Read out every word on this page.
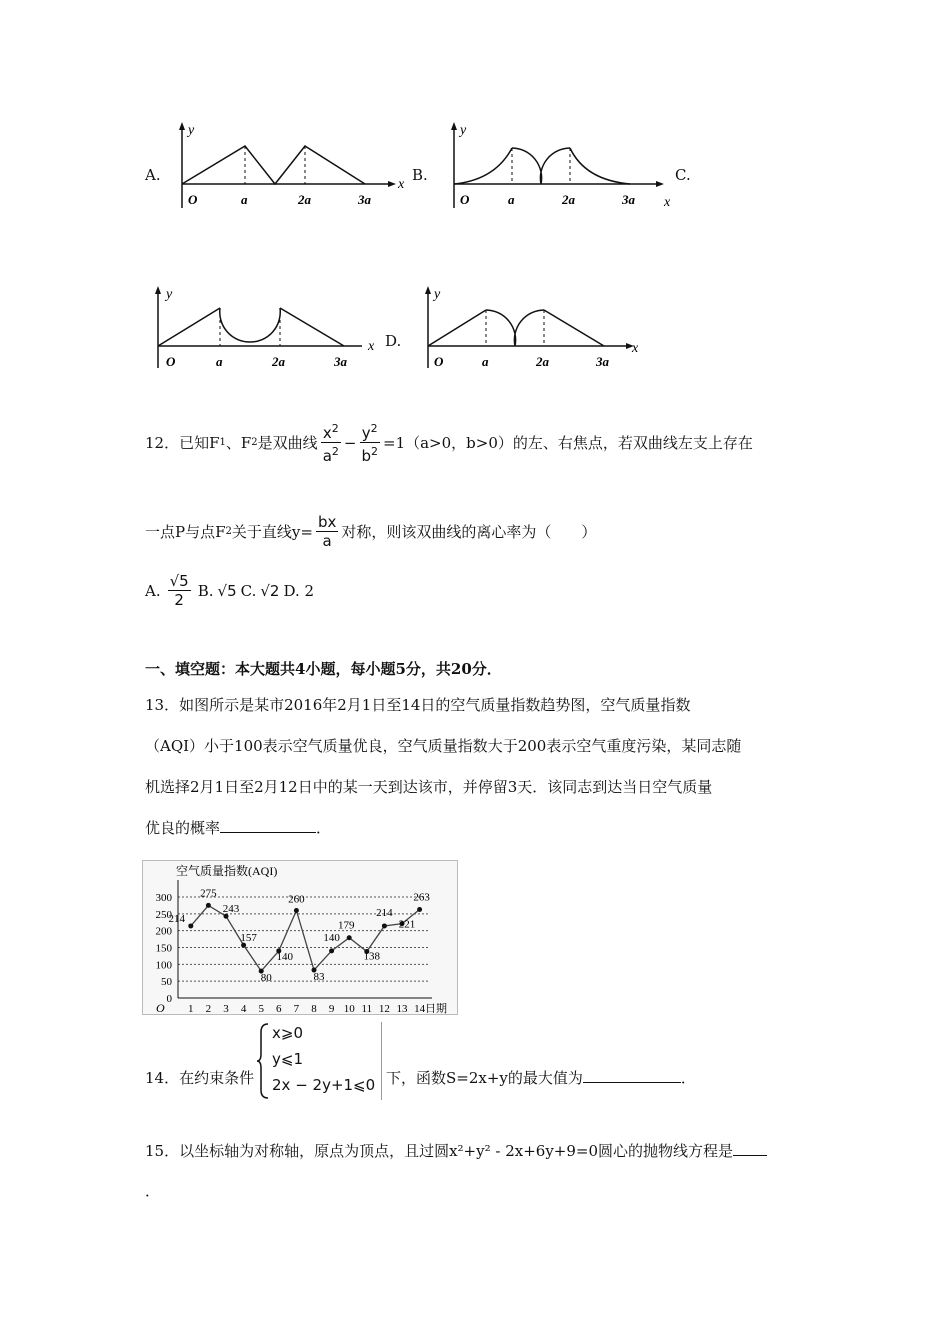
A.
y
x
O	a	2a	3a
B.
y
x
O	a	2a	3a
C.
y
x
O	a	2a	3a
D.
y
x
O	a	2a	3a
12．已知F 1 、F 2 是双曲线 $\frac{x^2}{a^2} - \frac{y^2}{b^2} =1(a>0$，b>0）的左、右焦点，若双曲线左支上存在
一点P与点F 2 关于直线$y= \frac{bx}{a}$ 对称，则该双曲线的离心率为（　　）
A. $\frac{√5}{2} B$. √5 C. √2 D. 2
一、填空题：本大题共4小题，每小题5分，共20分．
13．如图所示是某市2016年2月1日至14日的空气质量指数趋势图，空气质量指数
（AQI）小于100表示空气质量优良，空气质量指数大于200表示空气重度污染，某同志随
机选择2月1日至2月12日中的某一天到达该市，并停留3天．该同志到达当日空气质量
优良的概率	．
0
50
100
150
200
250
300
O 1 2 3 4 5 6 7 8 9 10 11 12 13 14 日期
空气质量指数(AQI)
214
275
243
157
80
140
260
83
140
179
138
214
221
263
14．在约束条件
x⩾0
y⩽1
2x − 2y+1⩽0 下，函数S=2x+y的最大值为	．
15．以坐标轴为对称轴，原点为顶点，且过圆x²+y² - 2x+6y+9=0圆心的抛物线方程是
．
